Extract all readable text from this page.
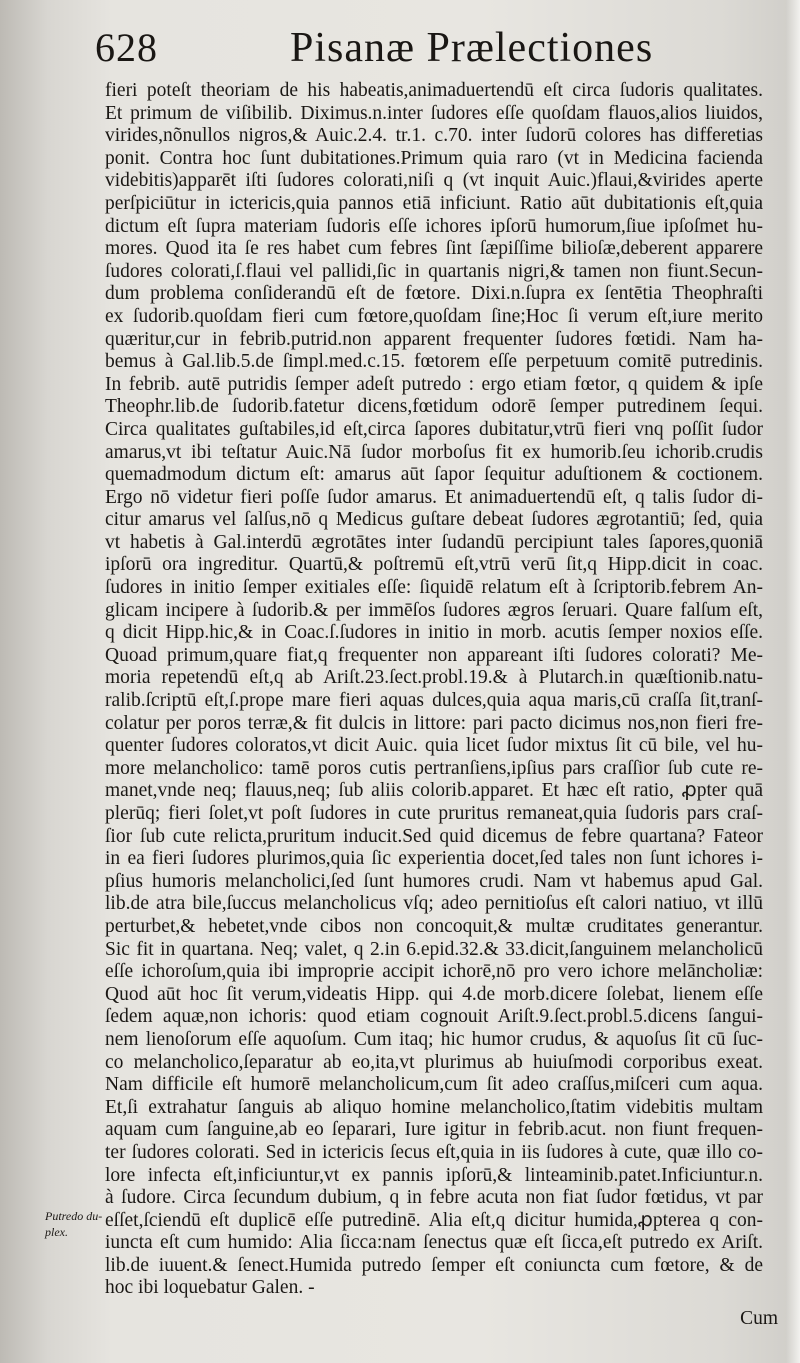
628	Pisanæ Prælectiones
fieri poteſt theoriam de his habeatis,animaduertendū eſt circa ſudoris qualitates.
Et primum de viſibilib. Diximus.n.inter ſudores eſſe quoſdam flauos,alios liuidos,
virides,nõnullos nigros,& Auic.2.4. tr.1. c.70. inter ſudorū colores has differetias
ponit. Contra hoc ſunt dubitationes.Primum quia raro (vt in Medicina facienda
videbitis)apparēt iſti ſudores colorati,niſi q (vt inquit Auic.)flaui,&virides aperte
perſpiciūtur in ictericis,quia pannos etiā inficiunt. Ratio aūt dubitationis eſt,quia
dictum eſt ſupra materiam ſudoris eſſe ichores ipſorū humorum,ſiue ipſoſmet hu-
mores. Quod ita ſe res habet cum febres ſint ſæpiſſime bilioſæ,deberent apparere
ſudores colorati,ſ.flaui vel pallidi,ſic in quartanis nigri,& tamen non fiunt.Secun-
dum problema conſiderandū eſt de fœtore. Dixi.n.ſupra ex ſentētia Theophraſti
ex ſudorib.quoſdam fieri cum fœtore,quoſdam ſine;Hoc ſi verum eſt,iure merito
quæritur,cur in febrib.putrid.non apparent frequenter ſudores fœtidi. Nam ha-
bemus à Gal.lib.5.de ſimpl.med.c.15. fœtorem eſſe perpetuum comitē putredinis.
In febrib. autē putridis ſemper adeſt putredo : ergo etiam fœtor, q quidem & ipſe
Theophr.lib.de ſudorib.fatetur dicens,fœtidum odorē ſemper putredinem ſequi.
Circa qualitates guſtabiles,id eſt,circa ſapores dubitatur,vtrū fieri vnq poſſit ſudor
amarus,vt ibi teſtatur Auic.Nā ſudor morboſus fit ex humorib.ſeu ichorib.crudis
quemadmodum dictum eſt: amarus aūt ſapor ſequitur aduſtionem & coctionem.
Ergo nō videtur fieri poſſe ſudor amarus. Et animaduertendū eſt, q talis ſudor di-
citur amarus vel ſalſus,nō q Medicus guſtare debeat ſudores ægrotantiū; ſed, quia
vt habetis à Gal.interdū ægrotātes inter ſudandū percipiunt tales ſapores,quoniā
ipſorū ora ingreditur. Quartū,& poſtremū eſt,vtrū verū ſit,q Hipp.dicit in coac.
ſudores in initio ſemper exitiales eſſe: ſiquidē relatum eſt à ſcriptorib.febrem An-
glicam incipere à ſudorib.& per immēſos ſudores ægros ſeruari. Quare falſum eſt,
q dicit Hipp.hic,& in Coac.ſ.ſudores in initio in morb. acutis ſemper noxios eſſe.
Quoad primum,quare fiat,q frequenter non appareant iſti ſudores colorati? Me-
moria repetendū eſt,q ab Ariſt.23.ſect.probl.19.& à Plutarch.in quæſtionib.natu-
ralib.ſcriptū eſt,ſ.prope mare fieri aquas dulces,quia aqua maris,cū craſſa ſit,tranſ-
colatur per poros terræ,& fit dulcis in littore: pari pacto dicimus nos,non fieri fre-
quenter ſudores coloratos,vt dicit Auic. quia licet ſudor mixtus ſit cū bile, vel hu-
more melancholico: tamē poros cutis pertranſiens,ipſius pars craſſior ſub cute re-
manet,vnde neq; flauus,neq; ſub aliis colorib.apparet. Et hæc eſt ratio, ꝓpter quā
plerūq; fieri ſolet,vt poſt ſudores in cute pruritus remaneat,quia ſudoris pars craſ-
ſior ſub cute relicta,pruritum inducit.Sed quid dicemus de febre quartana? Fateor
in ea fieri ſudores plurimos,quia ſic experientia docet,ſed tales non ſunt ichores i-
pſius humoris melancholici,ſed ſunt humores crudi. Nam vt habemus apud Gal.
lib.de atra bile,ſuccus melancholicus vſq; adeo pernitioſus eſt calori natiuo, vt illū
perturbet,& hebetet,vnde cibos non concoquit,& multæ cruditates generantur.
Sic fit in quartana. Neq; valet, q 2.in 6.epid.32.& 33.dicit,ſanguinem melancholicū
eſſe ichoroſum,quia ibi improprie accipit ichorē,nō pro vero ichore melāncholiæ:
Quod aūt hoc ſit verum,videatis Hipp. qui 4.de morb.dicere ſolebat, lienem eſſe
ſedem aquæ,non ichoris: quod etiam cognouit Ariſt.9.ſect.probl.5.dicens ſangui-
nem lienoſorum eſſe aquoſum. Cum itaq; hic humor crudus, & aquoſus ſit cū ſuc-
co melancholico,ſeparatur ab eo,ita,vt plurimus ab huiuſmodi corporibus exeat.
Nam difficile eſt humorē melancholicum,cum ſit adeo craſſus,miſceri cum aqua.
Et,ſi extrahatur ſanguis ab aliquo homine melancholico,ſtatim videbitis multam
aquam cum ſanguine,ab eo ſeparari, Iure igitur in febrib.acut. non fiunt frequen-
ter ſudores colorati. Sed in ictericis ſecus eſt,quia in iis ſudores à cute, quæ illo co-
lore infecta eſt,inficiuntur,vt ex pannis ipſorū,& linteaminib.patet.Inficiuntur.n.
à ſudore. Circa ſecundum dubium, q in febre acuta non fiat ſudor fœtidus, vt par
eſſet,ſciendū eſt duplicē eſſe putredinē. Alia eſt,q dicitur humida,ꝓpterea q con-
iuncta eſt cum humido: Alia ſicca:nam ſenectus quæ eſt ſicca,eſt putredo ex Ariſt.
lib.de iuuent.& ſenect.Humida putredo ſemper eſt coniuncta cum fœtore, & de
hoc ibi loquebatur Galen. -
Putredo du-
plex.
Cum
